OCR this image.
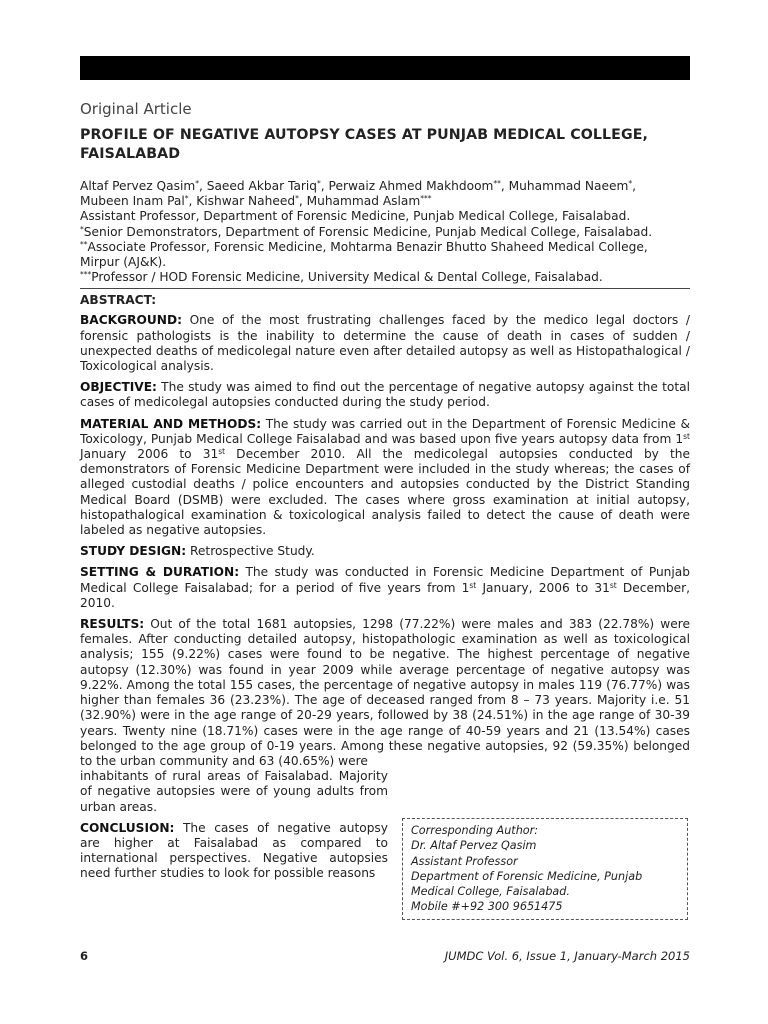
Original Article
PROFILE OF NEGATIVE AUTOPSY CASES AT PUNJAB MEDICAL COLLEGE, FAISALABAD
Altaf Pervez Qasim*, Saeed Akbar Tariq*, Perwaiz Ahmed Makhdoom**, Muhammad Naeem*,
Mubeen Inam Pal*, Kishwar Naheed*, Muhammad Aslam***
Assistant Professor, Department of Forensic Medicine, Punjab Medical College, Faisalabad.
*Senior Demonstrators, Department of Forensic Medicine, Punjab Medical College, Faisalabad.
**Associate Professor, Forensic Medicine, Mohtarma Benazir Bhutto Shaheed Medical College, Mirpur (AJ&K).
***Professor / HOD Forensic Medicine, University Medical & Dental College, Faisalabad.
ABSTRACT:
BACKGROUND: One of the most frustrating challenges faced by the medico legal doctors / forensic pathologists is the inability to determine the cause of death in cases of sudden / unexpected deaths of medicolegal nature even after detailed autopsy as well as Histopathalogical / Toxicological analysis.
OBJECTIVE: The study was aimed to find out the percentage of negative autopsy against the total cases of medicolegal autopsies conducted during the study period.
MATERIAL AND METHODS: The study was carried out in the Department of Forensic Medicine & Toxicology, Punjab Medical College Faisalabad and was based upon five years autopsy data from 1st January 2006 to 31st December 2010. All the medicolegal autopsies conducted by the demonstrators of Forensic Medicine Department were included in the study whereas; the cases of alleged custodial deaths / police encounters and autopsies conducted by the District Standing Medical Board (DSMB) were excluded. The cases where gross examination at initial autopsy, histopathalogical examination & toxicological analysis failed to detect the cause of death were labeled as negative autopsies.
STUDY DESIGN: Retrospective Study.
SETTING & DURATION: The study was conducted in Forensic Medicine Department of Punjab Medical College Faisalabad; for a period of five years from 1st January, 2006 to 31st December, 2010.
RESULTS: Out of the total 1681 autopsies, 1298 (77.22%) were males and 383 (22.78%) were females. After conducting detailed autopsy, histopathologic examination as well as toxicological analysis; 155 (9.22%) cases were found to be negative. The highest percentage of negative autopsy (12.30%) was found in year 2009 while average percentage of negative autopsy was 9.22%. Among the total 155 cases, the percentage of negative autopsy in males 119 (76.77%) was higher than females 36 (23.23%). The age of deceased ranged from 8 – 73 years. Majority i.e. 51 (32.90%) were in the age range of 20-29 years, followed by 38 (24.51%) in the age range of 30-39 years. Twenty nine (18.71%) cases were in the age range of 40-59 years and 21 (13.54%) cases belonged to the age group of 0-19 years. Among these negative autopsies, 92 (59.35%) belonged to the urban community and 63 (40.65%) were
inhabitants of rural areas of Faisalabad. Majority of negative autopsies were of young adults from urban areas.
CONCLUSION: The cases of negative autopsy are higher at Faisalabad as compared to international perspectives. Negative autopsies need further studies to look for possible reasons
Corresponding Author:
Dr. Altaf Pervez Qasim
Assistant Professor
Department of Forensic Medicine, Punjab Medical College, Faisalabad.
Mobile #+92 300 9651475
6	JUMDC Vol. 6, Issue 1, January-March 2015
